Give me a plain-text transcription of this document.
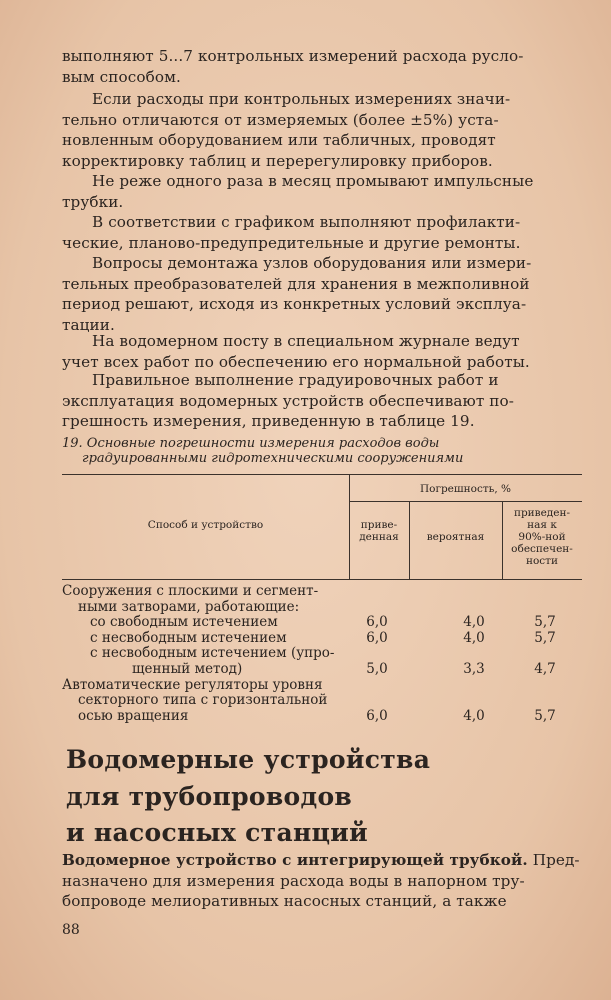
выполняют 5...7 контрольных измерений расхода русло-
вым способом.

Если расходы при контрольных измерениях значи-
тельно отличаются от измеряемых (более ±5%) уста-
новленным оборудованием или табличных, проводят
корректировку таблиц и перерегулировку приборов.

Не реже одного раза в месяц промывают импульсные
трубки.

В соответствии с графиком выполняют профилакти-
ческие, планово-предупредительные и другие ремонты.

Вопросы демонтажа узлов оборудования или измери-
тельных преобразователей для хранения в межполивной
период решают, исходя из конкретных условий эксплуа-
тации.

На водомерном посту в специальном журнале ведут
учет всех работ по обеспечению его нормальной работы.

Правильное выполнение градуировочных работ и
эксплуатация водомерных устройств обеспечивают по-
грешность измерения, приведенную в таблице 19.

19. Основные погрешности измерения расходов воды
градуированными гидротехническими сооружениями
Способ и устройство
Погрешность, %
приве-
денная	вероятная
приведен-
ная к
90%-ной
обеспечен-
ности
Сооружения с плоскими и сегмент-
ными затворами, работающие:
со свободным истечением	6,0	4,0	5,7
с несвободным истечением	6,0	4,0	5,7
с несвободным истечением (упро-
щенный метод)	5,0	3,3	4,7
Автоматические регуляторы уровня
секторного типа с горизонтальной
осью вращения	6,0	4,0	5,7
Водомерные устройства
для трубопроводов
и насосных станций

Водомерное устройство с интегрирующей трубкой. Пред-
назначено для измерения расхода воды в напорном тру-
бопроводе мелиоративных насосных станций, а также

88
